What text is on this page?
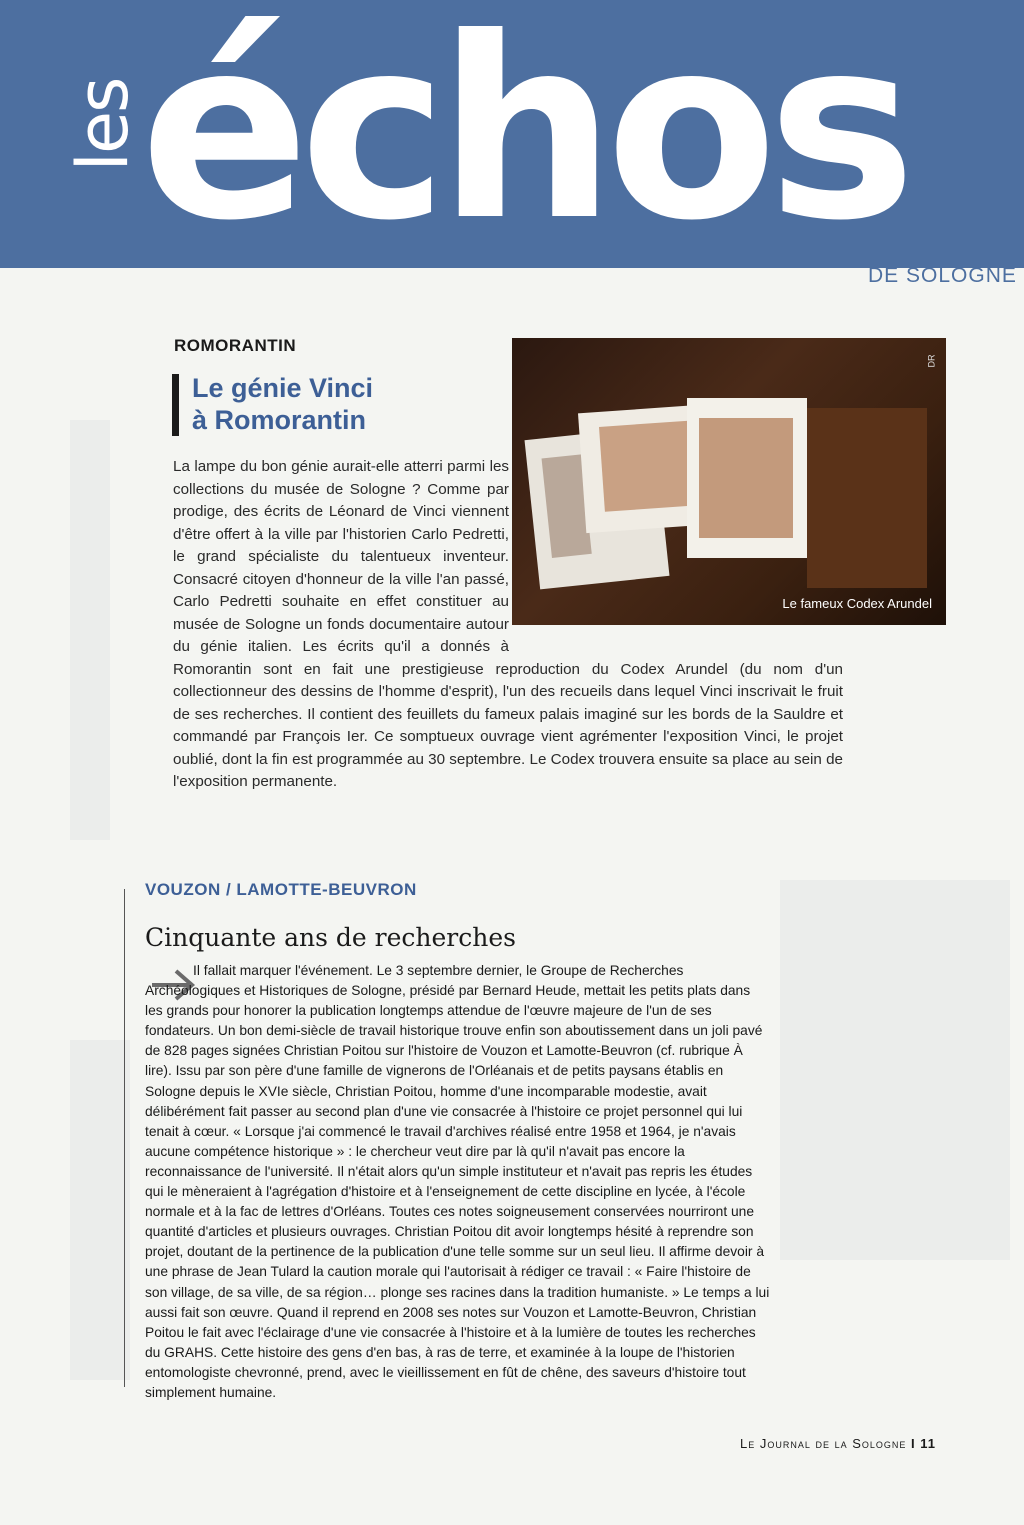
les
échos
DE SOLOGNE
ROMORANTIN
Le génie Vinci
à Romorantin
DR
Le fameux Codex Arundel
La lampe du bon génie aurait-elle atterri parmi les collections du musée de Sologne ? Comme par prodige, des écrits de Léonard de Vinci viennent d'être offert à la ville par l'historien Carlo Pedretti, le grand spécialiste du talentueux inventeur. Consacré citoyen d'honneur de la ville l'an passé, Carlo Pedretti souhaite en effet constituer au musée de Sologne un fonds documentaire autour du génie italien. Les écrits qu'il a donnés à Romorantin sont en fait une prestigieuse reproduction du Codex Arundel (du nom d'un collectionneur des dessins de l'homme d'esprit), l'un des recueils dans lequel Vinci inscrivait le fruit de ses recherches. Il contient des feuillets du fameux palais imaginé sur les bords de la Sauldre et commandé par François Ier. Ce somptueux ouvrage vient agrémenter l'exposition Vinci, le projet oublié, dont la fin est programmée au 30 septembre. Le Codex trouvera ensuite sa place au sein de l'exposition permanente.
VOUZON / LAMOTTE-BEUVRON
Cinquante ans de recherches
Il fallait marquer l'événement. Le 3 septembre dernier, le Groupe de Recherches Archéologiques et Historiques de Sologne, présidé par Bernard Heude, mettait les petits plats dans les grands pour honorer la publication longtemps attendue de l'œuvre majeure de l'un de ses fondateurs. Un bon demi-siècle de travail historique trouve enfin son aboutissement dans un joli pavé de 828 pages signées Christian Poitou sur l'histoire de Vouzon et Lamotte-Beuvron (cf. rubrique À lire). Issu par son père d'une famille de vignerons de l'Orléanais et de petits paysans établis en Sologne depuis le XVIe siècle, Christian Poitou, homme d'une incomparable modestie, avait délibérément fait passer au second plan d'une vie consacrée à l'histoire ce projet personnel qui lui tenait à cœur. « Lorsque j'ai commencé le travail d'archives réalisé entre 1958 et 1964, je n'avais aucune compétence historique » : le chercheur veut dire par là qu'il n'avait pas encore la reconnaissance de l'université. Il n'était alors qu'un simple instituteur et n'avait pas repris les études qui le mèneraient à l'agrégation d'histoire et à l'enseignement de cette discipline en lycée, à l'école normale et à la fac de lettres d'Orléans. Toutes ces notes soigneusement conservées nourriront une quantité d'articles et plusieurs ouvrages. Christian Poitou dit avoir longtemps hésité à reprendre son projet, doutant de la pertinence de la publication d'une telle somme sur un seul lieu. Il affirme devoir à une phrase de Jean Tulard la caution morale qui l'autorisait à rédiger ce travail : « Faire l'histoire de son village, de sa ville, de sa région… plonge ses racines dans la tradition humaniste. » Le temps a lui aussi fait son œuvre. Quand il reprend en 2008 ses notes sur Vouzon et Lamotte-Beuvron, Christian Poitou le fait avec l'éclairage d'une vie consacrée à l'histoire et à la lumière de toutes les recherches du GRAHS. Cette histoire des gens d'en bas, à ras de terre, et examinée à la loupe de l'historien entomologiste chevronné, prend, avec le vieillissement en fût de chêne, des saveurs d'histoire tout simplement humaine.
Le Journal de la Sologne I 11
